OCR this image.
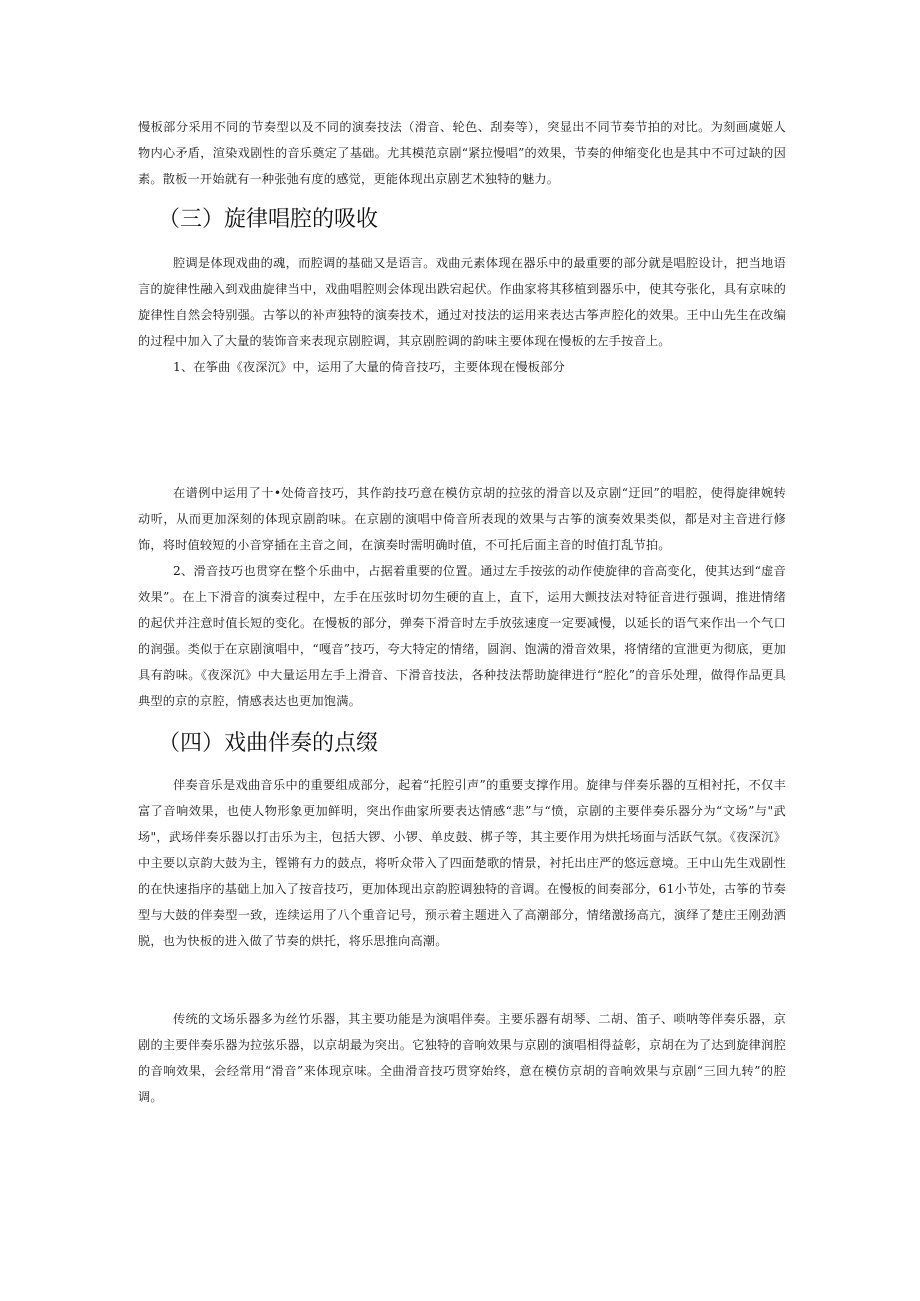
慢板部分采用不同的节奏型以及不同的演奏技法（滑音、轮色、刮奏等），突显出不同节奏节拍的对比。为刻画虞姬人物内心矛盾，渲染戏剧性的音乐奠定了基础。尤其模范京剧“紧拉慢唱”的效果，节奏的伸缩变化也是其中不可过缺的因素。散板一开始就有一种张弛有度的感觉，更能体现出京剧艺术独特的魅力。

（三）旋律唱腔的吸收

腔调是体现戏曲的魂，而腔调的基础又是语言。戏曲元素体现在器乐中的最重要的部分就是唱腔设计，把当地语言的旋律性融入到戏曲旋律当中，戏曲唱腔则会体现出跌宕起伏。作曲家将其移植到器乐中，使其夸张化，具有京味的旋律性自然会特别强。古筝以的补声独特的演奏技术，通过对技法的运用来表达古筝声腔化的效果。王中山先生在改编的过程中加入了大量的装饰音来表现京剧腔调，其京剧腔调的韵味主要体现在慢板的左手按音上。

1、在筝曲《夜深沉》中，运用了大量的倚音技巧，主要体现在慢板部分

在谱例中运用了十•处倚音技巧，其作韵技巧意在模仿京胡的拉弦的滑音以及京剧“迂回”的唱腔，使得旋律婉转动听，从而更加深刻的体现京剧韵味。在京剧的演唱中倚音所表现的效果与古筝的演奏效果类似，都是对主音进行修饰，将时值较短的小音穿插在主音之间，在演奏时需明确时值，不可托后面主音的时值打乱节拍。

2、滑音技巧也贯穿在整个乐曲中，占据着重要的位置。通过左手按弦的动作使旋律的音高变化，使其达到“虚音效果”。在上下滑音的演奏过程中，左手在压弦时切勿生硬的直上，直下，运用大颤技法对特征音进行强调，推进情绪的起伏并注意时值长短的变化。在慢板的部分，弹奏下滑音时左手放弦速度一定要减慢，以延长的语气来作出一个气口的润强。类似于在京剧演唱中，“嘎音”技巧，夸大特定的情绪，圆润、饱满的滑音效果，将情绪的宣泄更为彻底，更加具有韵味。《夜深沉》中大量运用左手上滑音、下滑音技法，各种技法帮助旋律进行“腔化”的音乐处理，做得作品更具典型的京的京腔，情感表达也更加饱满。

（四）戏曲伴奏的点缀

伴奏音乐是戏曲音乐中的重要组成部分，起着“托腔引声”的重要支撑作用。旋律与伴奏乐器的互相衬托，不仅丰富了音响效果，也使人物形象更加鲜明，突出作曲家所要表达情感“悲”与“愤，京剧的主要伴奏乐器分为“文场”与"武场"，武场伴奏乐器以打击乐为主，包括大锣、小锣、单皮鼓、梆子等，其主要作用为烘托场面与活跃气氛。《夜深沉》中主要以京韵大鼓为主，铿锵有力的鼓点，将听众带入了四面楚歌的情景，衬托出庄严的悠远意境。王中山先生戏剧性的在快速指序的基础上加入了按音技巧，更加体现出京韵腔调独特的音调。在慢板的间奏部分，61小节处，古筝的节奏型与大鼓的伴奏型一致，连续运用了八个重音记号，预示着主题进入了高潮部分，情绪激扬高亢，演绎了楚庄王刚劲洒脱，也为快板的进入做了节奏的烘托，将乐思推向高潮。

传统的文场乐器多为丝竹乐器，其主要功能是为演唱伴奏。主要乐器有胡琴、二胡、笛子、唢呐等伴奏乐器，京剧的主要伴奏乐器为拉弦乐器，以京胡最为突出。它独特的音响效果与京剧的演唱相得益彰，京胡在为了达到旋律润腔的音响效果，会经常用“滑音”来体现京味。全曲滑音技巧贯穿始终，意在模仿京胡的音响效果与京剧“三回九转”的腔调。
